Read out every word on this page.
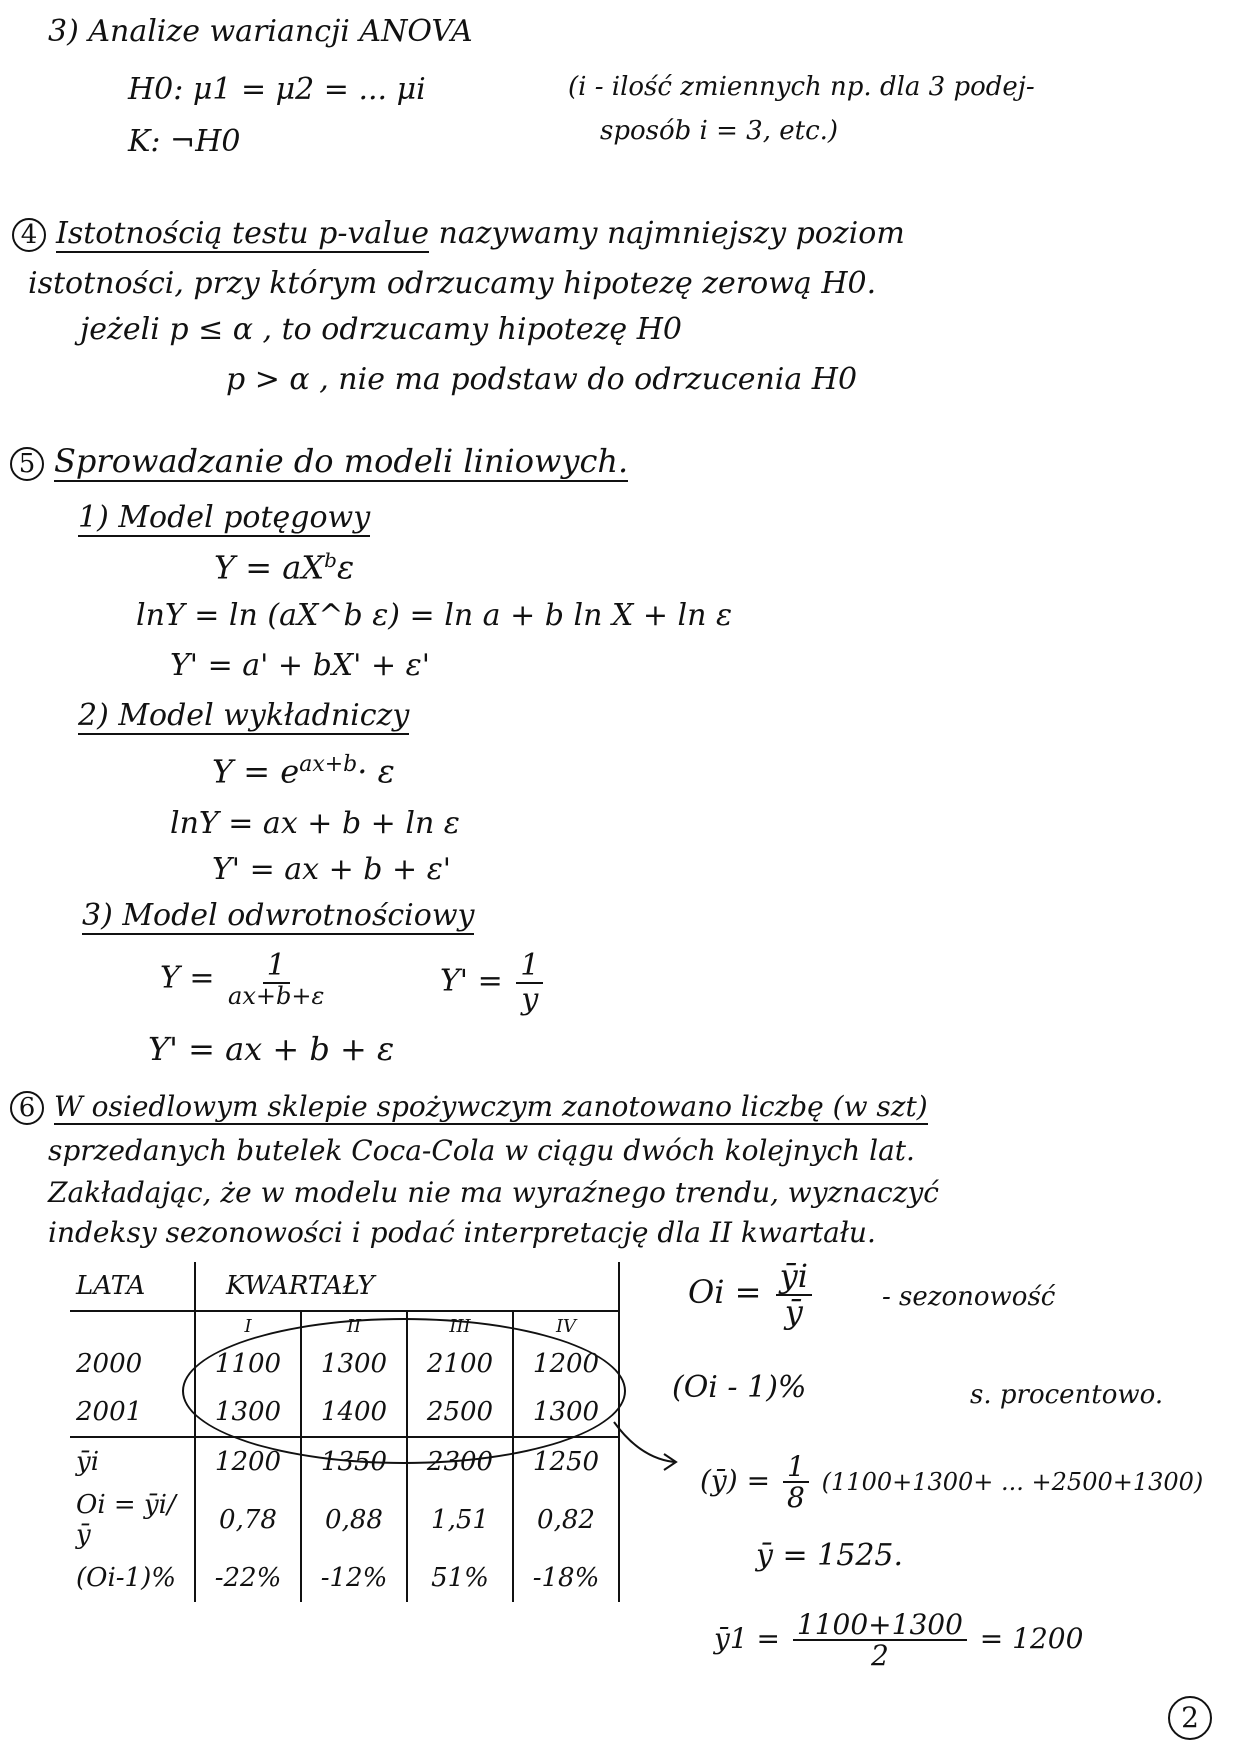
3) Analize wariancji ANOVA
H0: μ1 = μ2 = ... μi
K: ¬H0
(i - ilość zmiennych np. dla 3 podej-
sposób i = 3, etc.)
4 Istotnością testu p-value nazywamy najmniejszy poziom
istotności, przy którym odrzucamy hipotezę zerową H0.
jeżeli p ≤ α , to odrzucamy hipotezę H0
p > α , nie ma podstaw do odrzucenia H0
5 Sprowadzanie do modeli liniowych.
1) Model potęgowy
$Y = aX^b\varepsilon$
lnY = ln (aX^b ε) = ln a + b ln X + ln ε
Y' = a' + bX' + ε'
2) Model wykładniczy
$Y = e^{ax+b}\cdot \varepsilon$
lnY = ax + b + ln ε
Y' = ax + b + ε'
3) Model odwrotnościowy
$Y = \frac{1}{ax+b+\varepsilon}$	$Y' = \frac{1}{y}$
Y' = ax + b + ε
6 W osiedlowym sklepie spożywczym zanotowano liczbę (w szt)
sprzedanych butelek Coca-Cola w ciągu dwóch kolejnych lat.
Zakładając, że w modelu nie ma wyraźnego trendu, wyznaczyć
indeksy sezonowości i podać interpretację dla II kwartału.
LATA	KWARTAŁY			
	I	II	III	IV
2000	1100	1300	2100	1200
2001	1300	1400	2500	1300
ȳi	1200	1350	2300	1250
Oi = ȳi/ȳ	0,78	0,88	1,51	0,82
(Oi-1)%	-22%	-12%	51%	-18%
$Oi = \frac{ȳi}{ȳ}$	- sezonowość
(Oi - 1)%	s. procentowo.
(ȳ) = $\frac{1}{8} (1100+1300+$ ... +2500+1300)
ȳ = 1525.
ȳ1 = $\frac{1100+1300}{2} = 1200$
2
